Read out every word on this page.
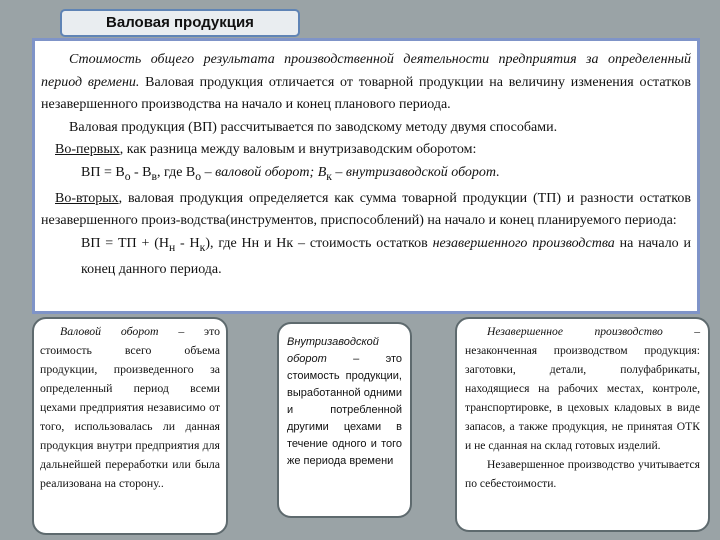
Валовая продукция

Стоимость общего результата производственной деятельности предприятия за определенный период времени. Валовая продукция отличается от товарной продукции на величину изменения остатков незавершенного производства на начало и конец планового периода.

Валовая продукция (ВП) рассчитывается по заводскому методу двумя способами.

Во-первых, как разница между валовым и внутризаводским оборотом:

ВП = $В_о - В_в$, где $В_о$ – валовой оборот; $В_к$ – внутризаводской оборот.

Во-вторых, валовая продукция определяется как сумма товарной продукции (ТП) и разности остатков незавершенного произ-водства(инструментов, приспособлений) на начало и конец планируемого периода:

ВП = ТП + $(Н_н - Н_к)$, где Нн и Нк – стоимость остатков незавершенного производства на начало и конец данного периода.

Валовой оборот – это стоимость всего объема продукции, произведенного за определенный период всеми цехами предприятия независимо от того, использовалась ли данная продукция внутри предприятия для дальнейшей переработки или была реализована на сторону..

Внутризаводской оборот – это стоимость продукции, выработанной одними и потребленной другими цехами в течение одного и того же периода времени

Незавершенное производство – незаконченная производством продукция: заготовки, детали, полуфабрикаты, находящиеся на рабочих местах, контроле, транспортировке, в цеховых кладовых в виде запасов, а также продукция, не принятая ОТК и не сданная на склад готовых изделий.

Незавершенное производство учитывается по себестоимости.
